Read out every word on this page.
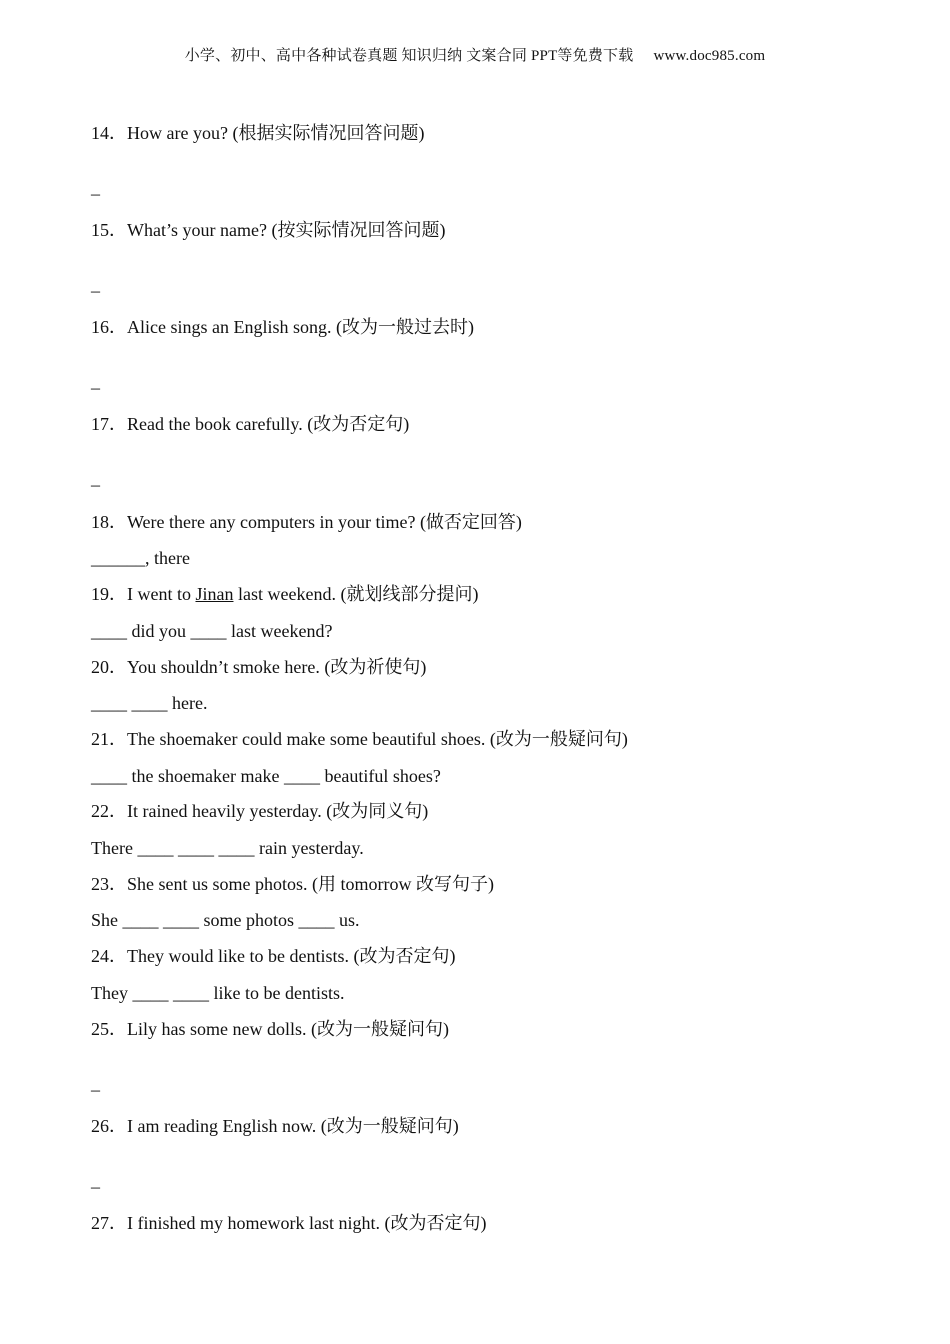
小学、初中、高中各种试卷真题 知识归纳 文案合同 PPT等免费下载 www.doc985.com
14．How are you? (根据实际情况回答问题)
_
15．What’s your name? (按实际情况回答问题)
_
16．Alice sings an English song. (改为一般过去时)
_
17．Read the book carefully. (改为否定句)
_
18．Were there any computers in your time? (做否定回答)
______, there
19．I went to Jinan last weekend. (就划线部分提问)
____ did you ____ last weekend?
20．You shouldn’t smoke here. (改为祈使句)
____ ____ here.
21．The shoemaker could make some beautiful shoes. (改为一般疑问句)
____ the shoemaker make ____ beautiful shoes?
22．It rained heavily yesterday. (改为同义句)
There ____ ____ ____ rain yesterday.
23．She sent us some photos. (用 tomorrow 改写句子)
She ____ ____ some photos ____ us.
24．They would like to be dentists. (改为否定句)
They ____ ____ like to be dentists.
25．Lily has some new dolls. (改为一般疑问句)
_
26．I am reading English now. (改为一般疑问句)
_
27．I finished my homework last night. (改为否定句)
